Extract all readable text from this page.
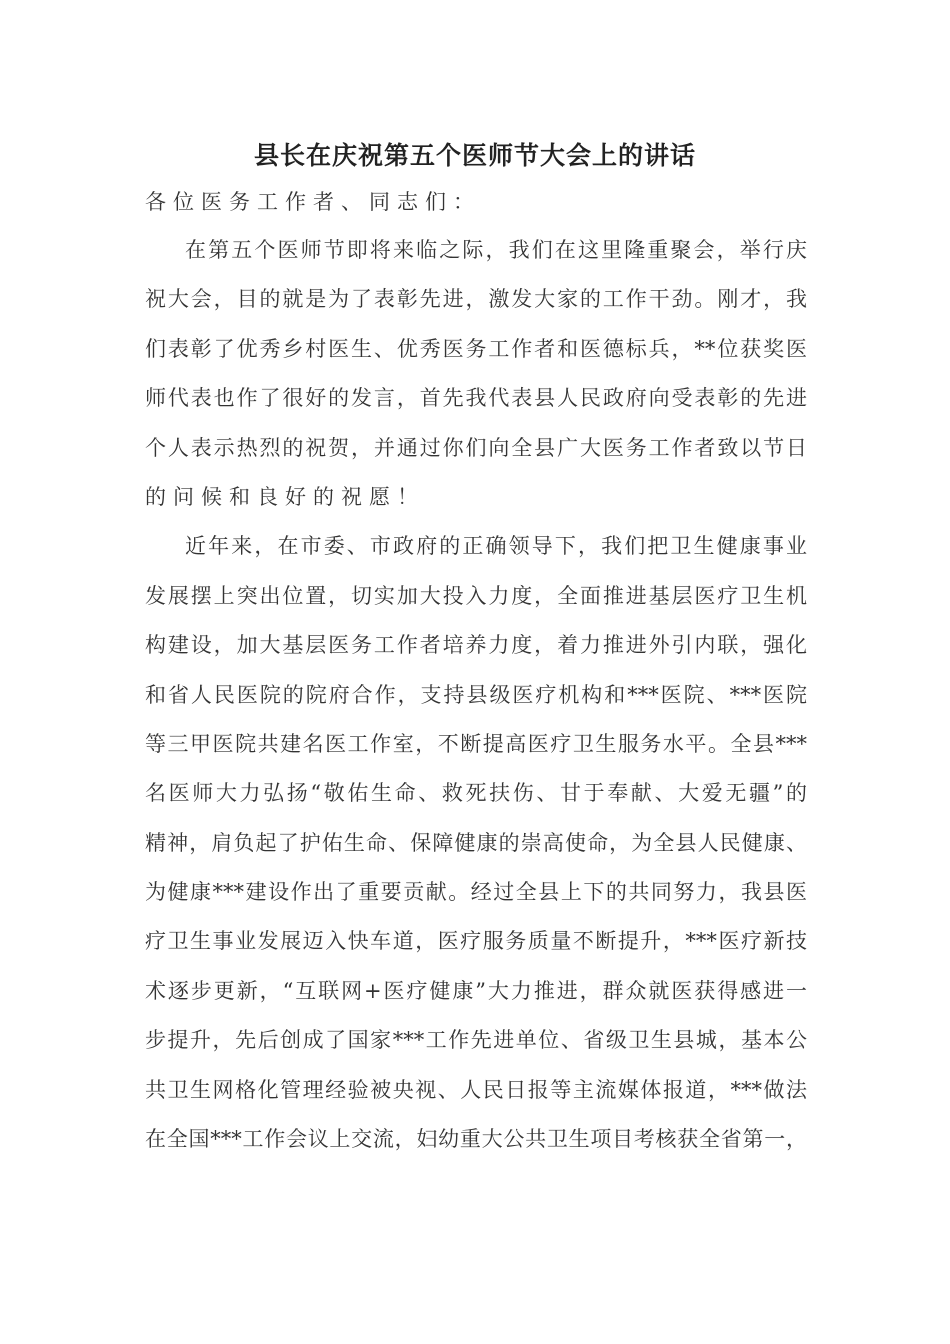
县长在庆祝第五个医师节大会上的讲话
各位医务工作者、同志们：
在第五个医师节即将来临之际，我们在这里隆重聚会，举行庆
祝大会，目的就是为了表彰先进，激发大家的工作干劲。刚才，我
们表彰了优秀乡村医生、优秀医务工作者和医德标兵，**位获奖医
师代表也作了很好的发言，首先我代表县人民政府向受表彰的先进
个人表示热烈的祝贺，并通过你们向全县广大医务工作者致以节日
的问候和良好的祝愿！
近年来，在市委、市政府的正确领导下，我们把卫生健康事业
发展摆上突出位置，切实加大投入力度，全面推进基层医疗卫生机
构建设，加大基层医务工作者培养力度，着力推进外引内联，强化
和省人民医院的院府合作，支持县级医疗机构和***医院、***医院
等三甲医院共建名医工作室，不断提高医疗卫生服务水平。全县***
名医师大力弘扬“敬佑生命、救死扶伤、甘于奉献、大爱无疆”的
精神，肩负起了护佑生命、保障健康的崇高使命，为全县人民健康、
为健康***建设作出了重要贡献。经过全县上下的共同努力，我县医
疗卫生事业发展迈入快车道，医疗服务质量不断提升，***医疗新技
术逐步更新，“互联网+医疗健康”大力推进，群众就医获得感进一
步提升，先后创成了国家***工作先进单位、省级卫生县城，基本公
共卫生网格化管理经验被央视、人民日报等主流媒体报道，***做法
在全国***工作会议上交流，妇幼重大公共卫生项目考核获全省第一，
